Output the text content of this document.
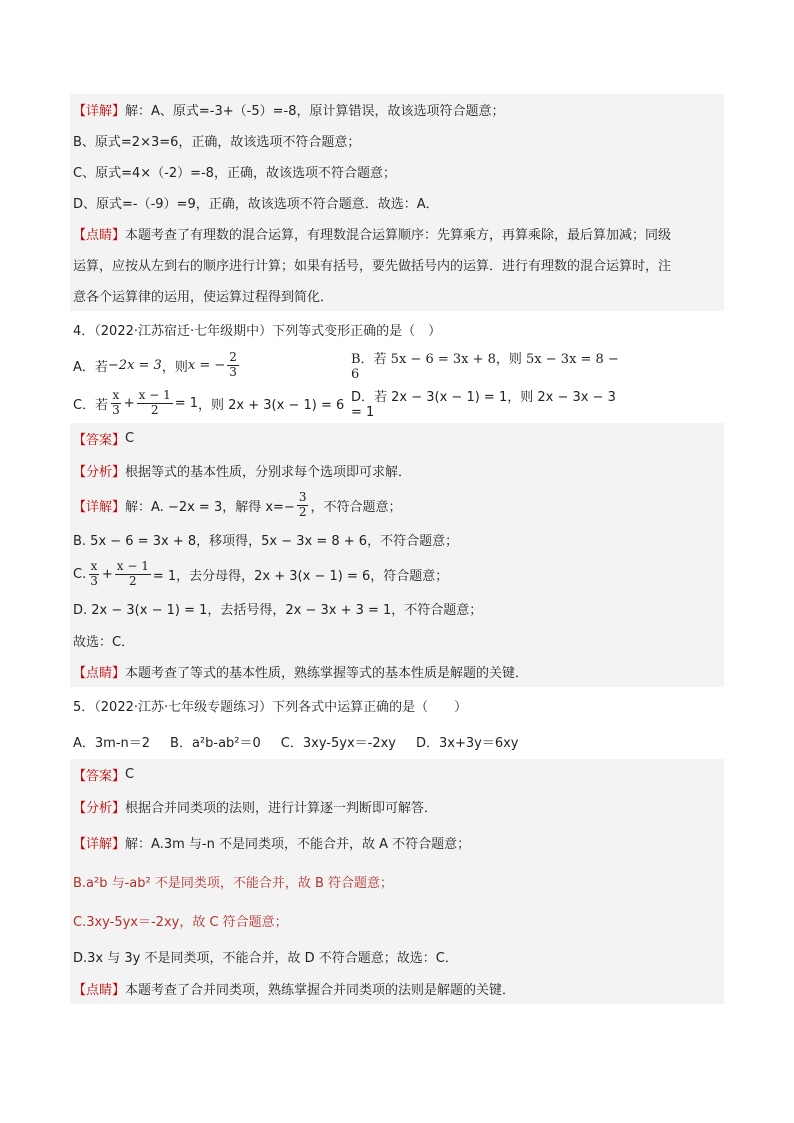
【详解】 解：A、原式=-3+（-5）=-8，原计算错误，故该选项符合题意；
B、原式=2×3=6，正确，故该选项不符合题意；
C、原式=4×（-2）=-8，正确，故该选项不符合题意；
D、原式=-（-9）=9，正确，故该选项不符合题意．故选：A．
【点睛】 本题考查了有理数的混合运算，有理数混合运算顺序：先算乘方，再算乘除，最后算加减；同级
运算，应按从左到右的顺序进行计算；如果有括号，要先做括号内的运算．进行有理数的混合运算时，注
意各个运算律的运用，使运算过程得到简化．
4．（2022·江苏宿迁·七年级期中）下列等式变形正确的是（　）
A．若 −2x = 3 ，则 x = − $\frac{2}{3}$	B．若 5x − 6 = 3x + 8，则 5x − 3x = 8 − 6
C．若 $\frac{x}{3} + \frac{x - 1}{2} = 1$ ，则 2x + 3(x − 1) = 6 D．若 2x − 3(x − 1) = 1，则 2x − 3x − 3 = 1
【答案】 C
【分析】 根据等式的基本性质，分别求每个选项即可求解．
【详解】 解：A. −2x = 3，解得 $x=- \frac{3}{2}$ ，不符合题意；
B. 5x − 6 = 3x + 8，移项得，5x − 3x = 8 + 6，不符合题意；
C. $\frac{x}{3} + \frac{x - 1}{2} = 1$，去分母得，2x + 3(x − 1) = 6，符合题意；
D. 2x − 3(x − 1) = 1，去括号得，2x − 3x + 3 = 1，不符合题意；
故选：C．
【点睛】 本题考查了等式的基本性质，熟练掌握等式的基本性质是解题的关键．
5．（2022·江苏·七年级专题练习）下列各式中运算正确的是（　　）
A．3m-n＝2 B．a²b-ab²＝0 C．3xy-5yx＝-2xy D．3x+3y＝6xy
【答案】 C
【分析】 根据合并同类项的法则，进行计算逐一判断即可解答．
【详解】 解：A.3m 与-n 不是同类项，不能合并，故 A 不符合题意；
B.a²b 与-ab² 不是同类项，不能合并，故 B 符合题意；
C.3xy-5yx＝-2xy，故 C 符合题意；
D.3x 与 3y 不是同类项，不能合并，故 D 不符合题意；故选：C．
【点睛】 本题考查了合并同类项，熟练掌握合并同类项的法则是解题的关键．
